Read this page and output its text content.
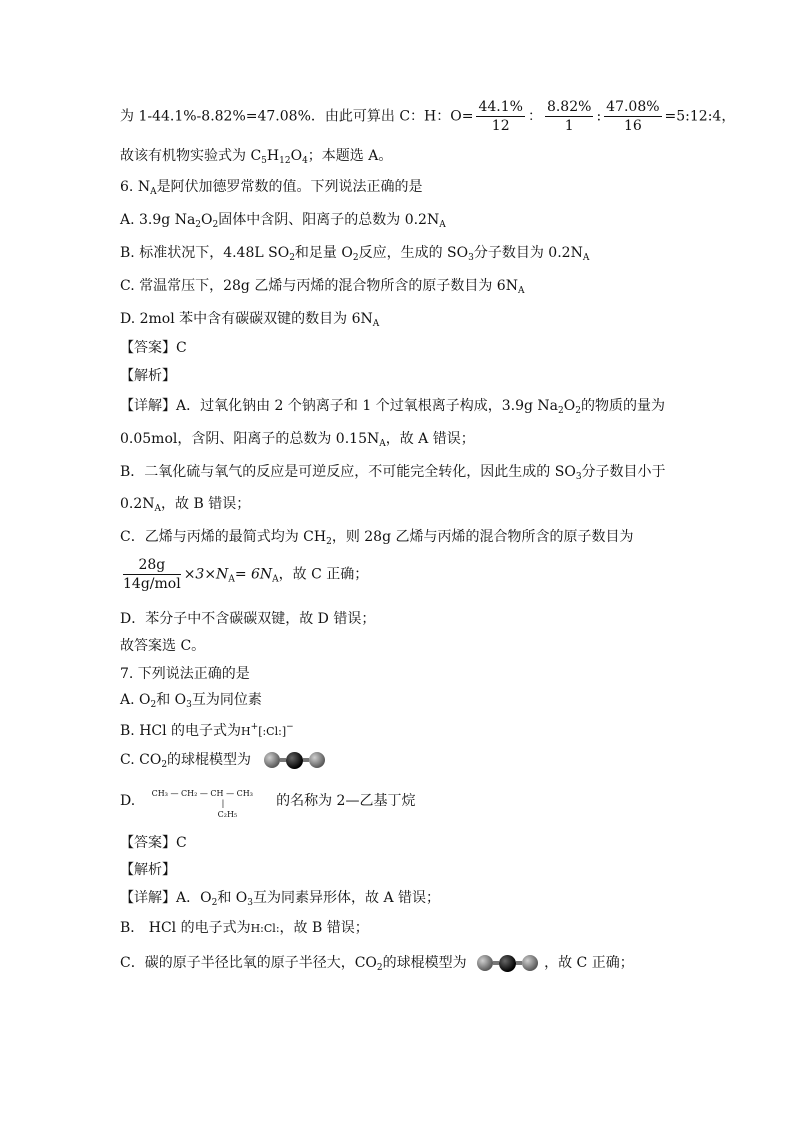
为 1-44.1%-8.82%=47.08%．由此可算出 C：H：$O= \frac{44.1\%}{12}$ ： $\frac{8.82\%}{1}$ : $\frac{47.08\%}{16}$ =5:12:4，
故该有机物实验式为 $C_5H_{12}O_4$；本题选 A。
6. $N_A$是阿伏加德罗常数的值。下列说法正确的是
A. 3.9g $Na_2O_2$固体中含阴、阳离子的总数为 $0.2N_A$
B. 标准状况下，4.48L $SO_2$和足量 $O_2$反应，生成的 $SO_3$分子数目为 $0.2N_A$
C. 常温常压下，28g 乙烯与丙烯的混合物所含的原子数目为 $6N_A$
D. 2mol 苯中含有碳碳双键的数目为 $6N_A$
【答案】C
【解析】
【详解】A．过氧化钠由 2 个钠离子和 1 个过氧根离子构成，3.9g $Na_2O_2$的物质的量为
0.05mol，含阴、阳离子的总数为 $0.15N_A$，故 A 错误；
B．二氧化硫与氧气的反应是可逆反应，不可能完全转化，因此生成的 $SO_3$分子数目小于
$0.2N_A$，故 B 错误；
C．乙烯与丙烯的最简式均为 $CH_2$，则 28g 乙烯与丙烯的混合物所含的原子数目为
$\frac{28g}{\text{14g/mol}} \times 3\times N_A= 6N_A$，故 C 正确；
D．苯分子中不含碳碳双键，故 D 错误；
故答案选 C。
7. 下列说法正确的是
A. $O_2$和 $O_3$互为同位素
B. HCl 的电子式为H+[:Cl:]−
C. $CO_2$的球棍模型为
D. CH₃ — CH₂ — CH — CH₃
|
C₂H₅
的名称为 2—乙基丁烷
【答案】C
【解析】
【详解】A．$O_2$和 $O_3$互为同素异形体，故 A 错误；
B． HCl 的电子式为H:Cl:，故 B 错误；
C．碳的原子半径比氧的原子半径大，$CO_2$的球棍模型为	，故 C 正确；
